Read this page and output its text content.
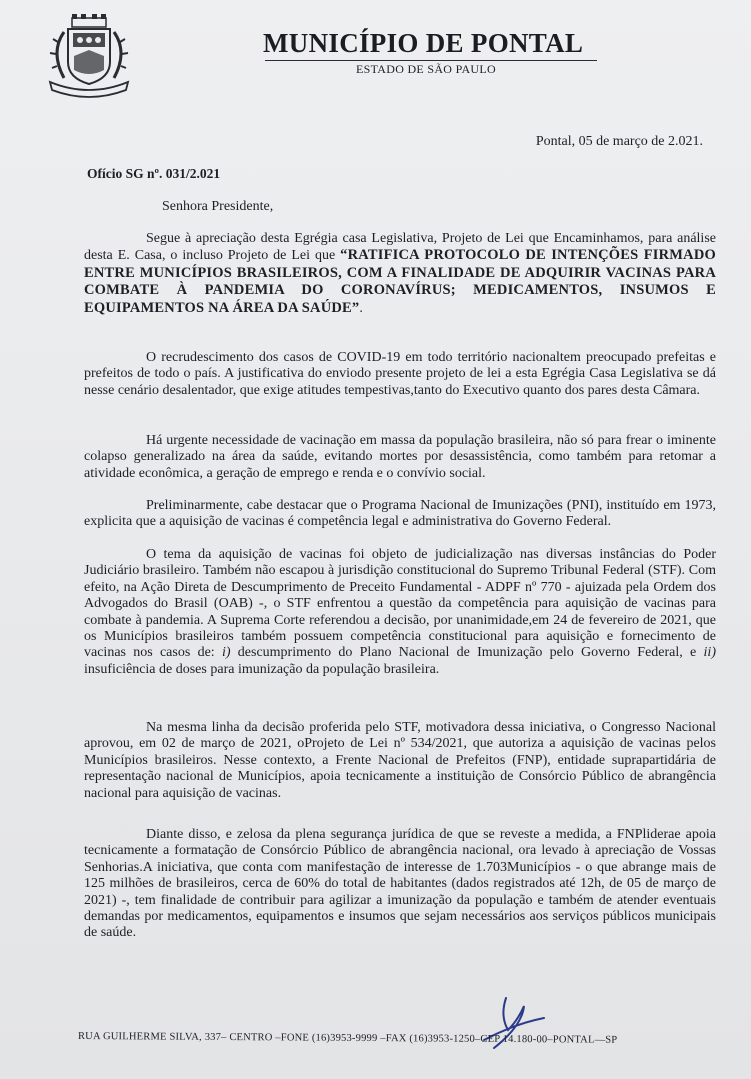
MUNICÍPIO DE PONTAL
ESTADO DE SÃO PAULO
Pontal, 05 de março de 2.021.
Ofício SG nº. 031/2.021
Senhora Presidente,

Segue à apreciação desta Egrégia casa Legislativa, Projeto de Lei que Encaminhamos, para análise desta E. Casa, o incluso Projeto de Lei que “RATIFICA PROTOCOLO DE INTENÇÕES FIRMADO ENTRE MUNICÍPIOS BRASILEIROS, COM A FINALIDADE DE ADQUIRIR VACINAS PARA COMBATE À PANDEMIA DO CORONAVÍRUS; MEDICAMENTOS, INSUMOS E EQUIPAMENTOS NA ÁREA DA SAÚDE”.

O recrudescimento dos casos de COVID-19 em todo território nacionaltem preocupado prefeitas e prefeitos de todo o país. A justificativa do enviodo presente projeto de lei a esta Egrégia Casa Legislativa se dá nesse cenário desalentador, que exige atitudes tempestivas,tanto do Executivo quanto dos pares desta Câmara.

Há urgente necessidade de vacinação em massa da população brasileira, não só para frear o iminente colapso generalizado na área da saúde, evitando mortes por desassistência, como também para retomar a atividade econômica, a geração de emprego e renda e o convívio social.

Preliminarmente, cabe destacar que o Programa Nacional de Imunizações (PNI), instituído em 1973, explicita que a aquisição de vacinas é competência legal e administrativa do Governo Federal.

O tema da aquisição de vacinas foi objeto de judicialização nas diversas instâncias do Poder Judiciário brasileiro. Também não escapou à jurisdição constitucional do Supremo Tribunal Federal (STF). Com efeito, na Ação Direta de Descumprimento de Preceito Fundamental - ADPF nº 770 - ajuizada pela Ordem dos Advogados do Brasil (OAB) -, o STF enfrentou a questão da competência para aquisição de vacinas para combate à pandemia. A Suprema Corte referendou a decisão, por unanimidade,em 24 de fevereiro de 2021, que os Municípios brasileiros também possuem competência constitucional para aquisição e fornecimento de vacinas nos casos de: i) descumprimento do Plano Nacional de Imunização pelo Governo Federal, e ii) insuficiência de doses para imunização da população brasileira.

Na mesma linha da decisão proferida pelo STF, motivadora dessa iniciativa, o Congresso Nacional aprovou, em 02 de março de 2021, oProjeto de Lei nº 534/2021, que autoriza a aquisição de vacinas pelos Municípios brasileiros. Nesse contexto, a Frente Nacional de Prefeitos (FNP), entidade suprapartidária de representação nacional de Municípios, apoia tecnicamente a instituição de Consórcio Público de abrangência nacional para aquisição de vacinas.

Diante disso, e zelosa da plena segurança jurídica de que se reveste a medida, a FNPliderae apoia tecnicamente a formatação de Consórcio Público de abrangência nacional, ora levado à apreciação de Vossas Senhorias.A iniciativa, que conta com manifestação de interesse de 1.703Municípios - o que abrange mais de 125 milhões de brasileiros, cerca de 60% do total de habitantes (dados registrados até 12h, de 05 de março de 2021) -, tem finalidade de contribuir para agilizar a imunização da população e também de atender eventuais demandas por medicamentos, equipamentos e insumos que sejam necessários aos serviços públicos municipais de saúde.

RUA GUILHERME SILVA, 337– CENTRO –FONE (16)3953-9999 –FAX (16)3953-1250–CEP 14.180-00–PONTAL—SP
